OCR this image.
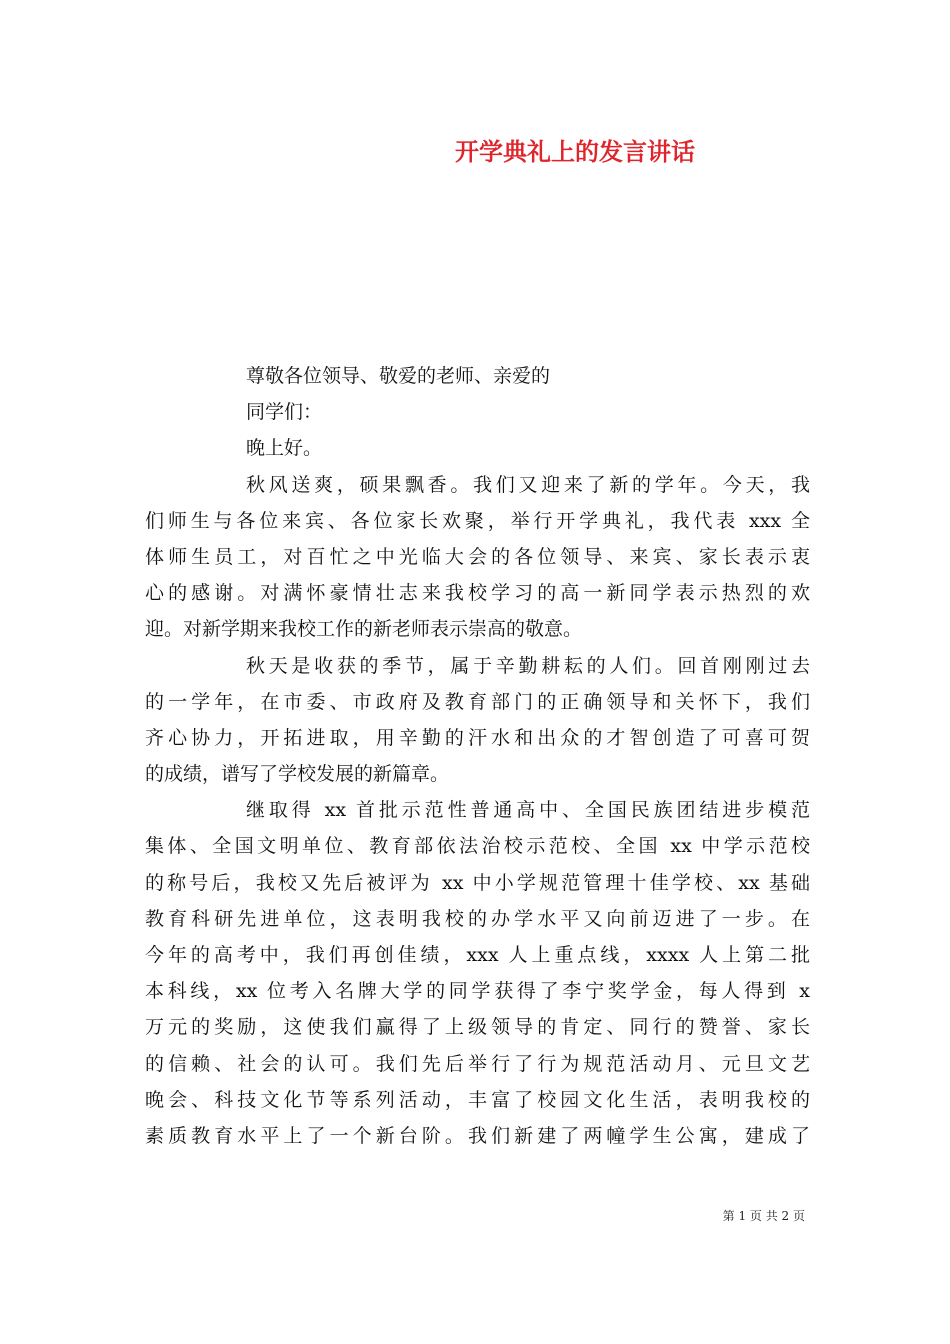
开学典礼上的发言讲话
尊敬各位领导、敬爱的老师、亲爱的
同学们：
晚上好。
秋风送爽，硕果飘香。我们又迎来了新的学年。今天，我
们师生与各位来宾、各位家长欢聚，举行开学典礼，我代表 xxx 全
体师生员工，对百忙之中光临大会的各位领导、来宾、家长表示衷
心的感谢。对满怀豪情壮志来我校学习的高一新同学表示热烈的欢
迎。对新学期来我校工作的新老师表示崇高的敬意。
秋天是收获的季节，属于辛勤耕耘的人们。回首刚刚过去
的一学年，在市委、市政府及教育部门的正确领导和关怀下，我们
齐心协力，开拓进取，用辛勤的汗水和出众的才智创造了可喜可贺
的成绩，谱写了学校发展的新篇章。
继取得 xx 首批示范性普通高中、全国民族团结进步模范
集体、全国文明单位、教育部依法治校示范校、全国 xx 中学示范校
的称号后，我校又先后被评为 xx 中小学规范管理十佳学校、xx 基础
教育科研先进单位，这表明我校的办学水平又向前迈进了一步。在
今年的高考中，我们再创佳绩，xxx 人上重点线，xxxx 人上第二批
本科线，xx 位考入名牌大学的同学获得了李宁奖学金，每人得到 x
万元的奖励，这使我们赢得了上级领导的肯定、同行的赞誉、家长
的信赖、社会的认可。我们先后举行了行为规范活动月、元旦文艺
晚会、科技文化节等系列活动，丰富了校园文化生活，表明我校的
素质教育水平上了一个新台阶。我们新建了两幢学生公寓，建成了
第 1 页 共 2 页
